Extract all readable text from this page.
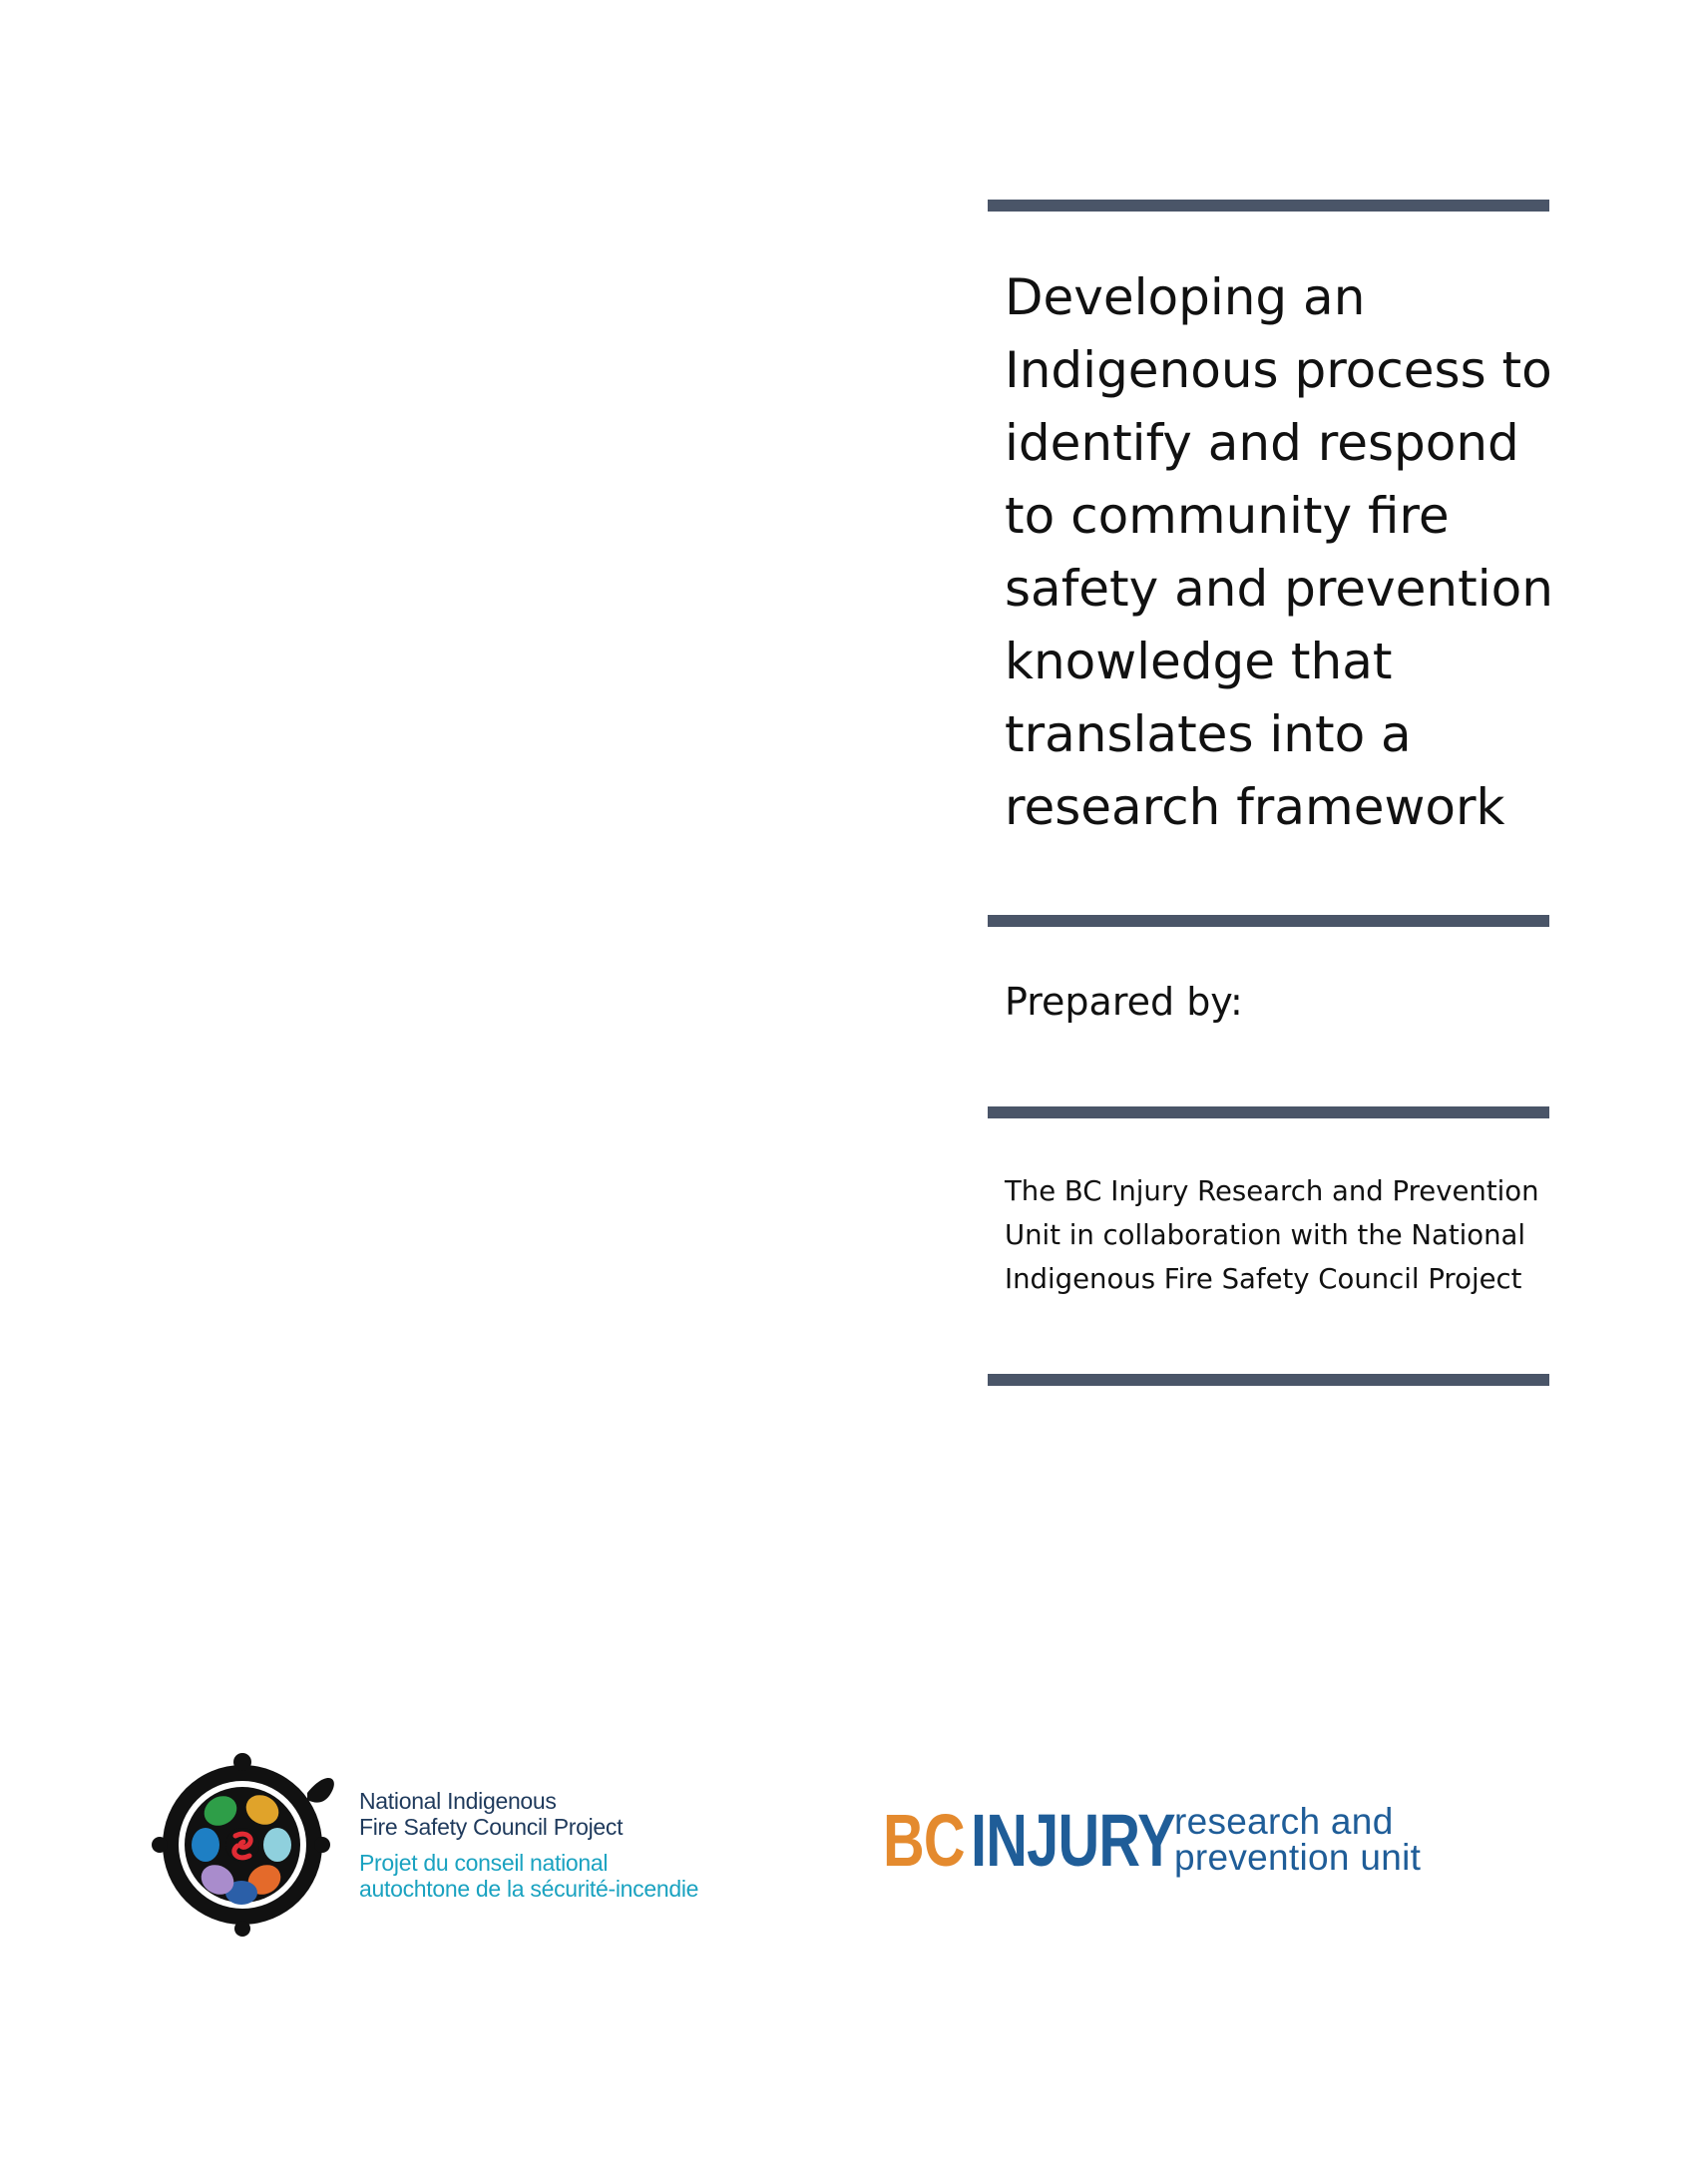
Developing an
Indigenous process to
identify and respond
to community fire
safety and prevention
knowledge that
translates into a
research framework

Prepared by:

The BC Injury Research and Prevention
Unit in collaboration with the National
Indigenous Fire Safety Council Project

National Indigenous
Fire Safety Council Project
Projet du conseil national
autochtone de la sécurité-incendie
BC INJURY research and
prevention unit
